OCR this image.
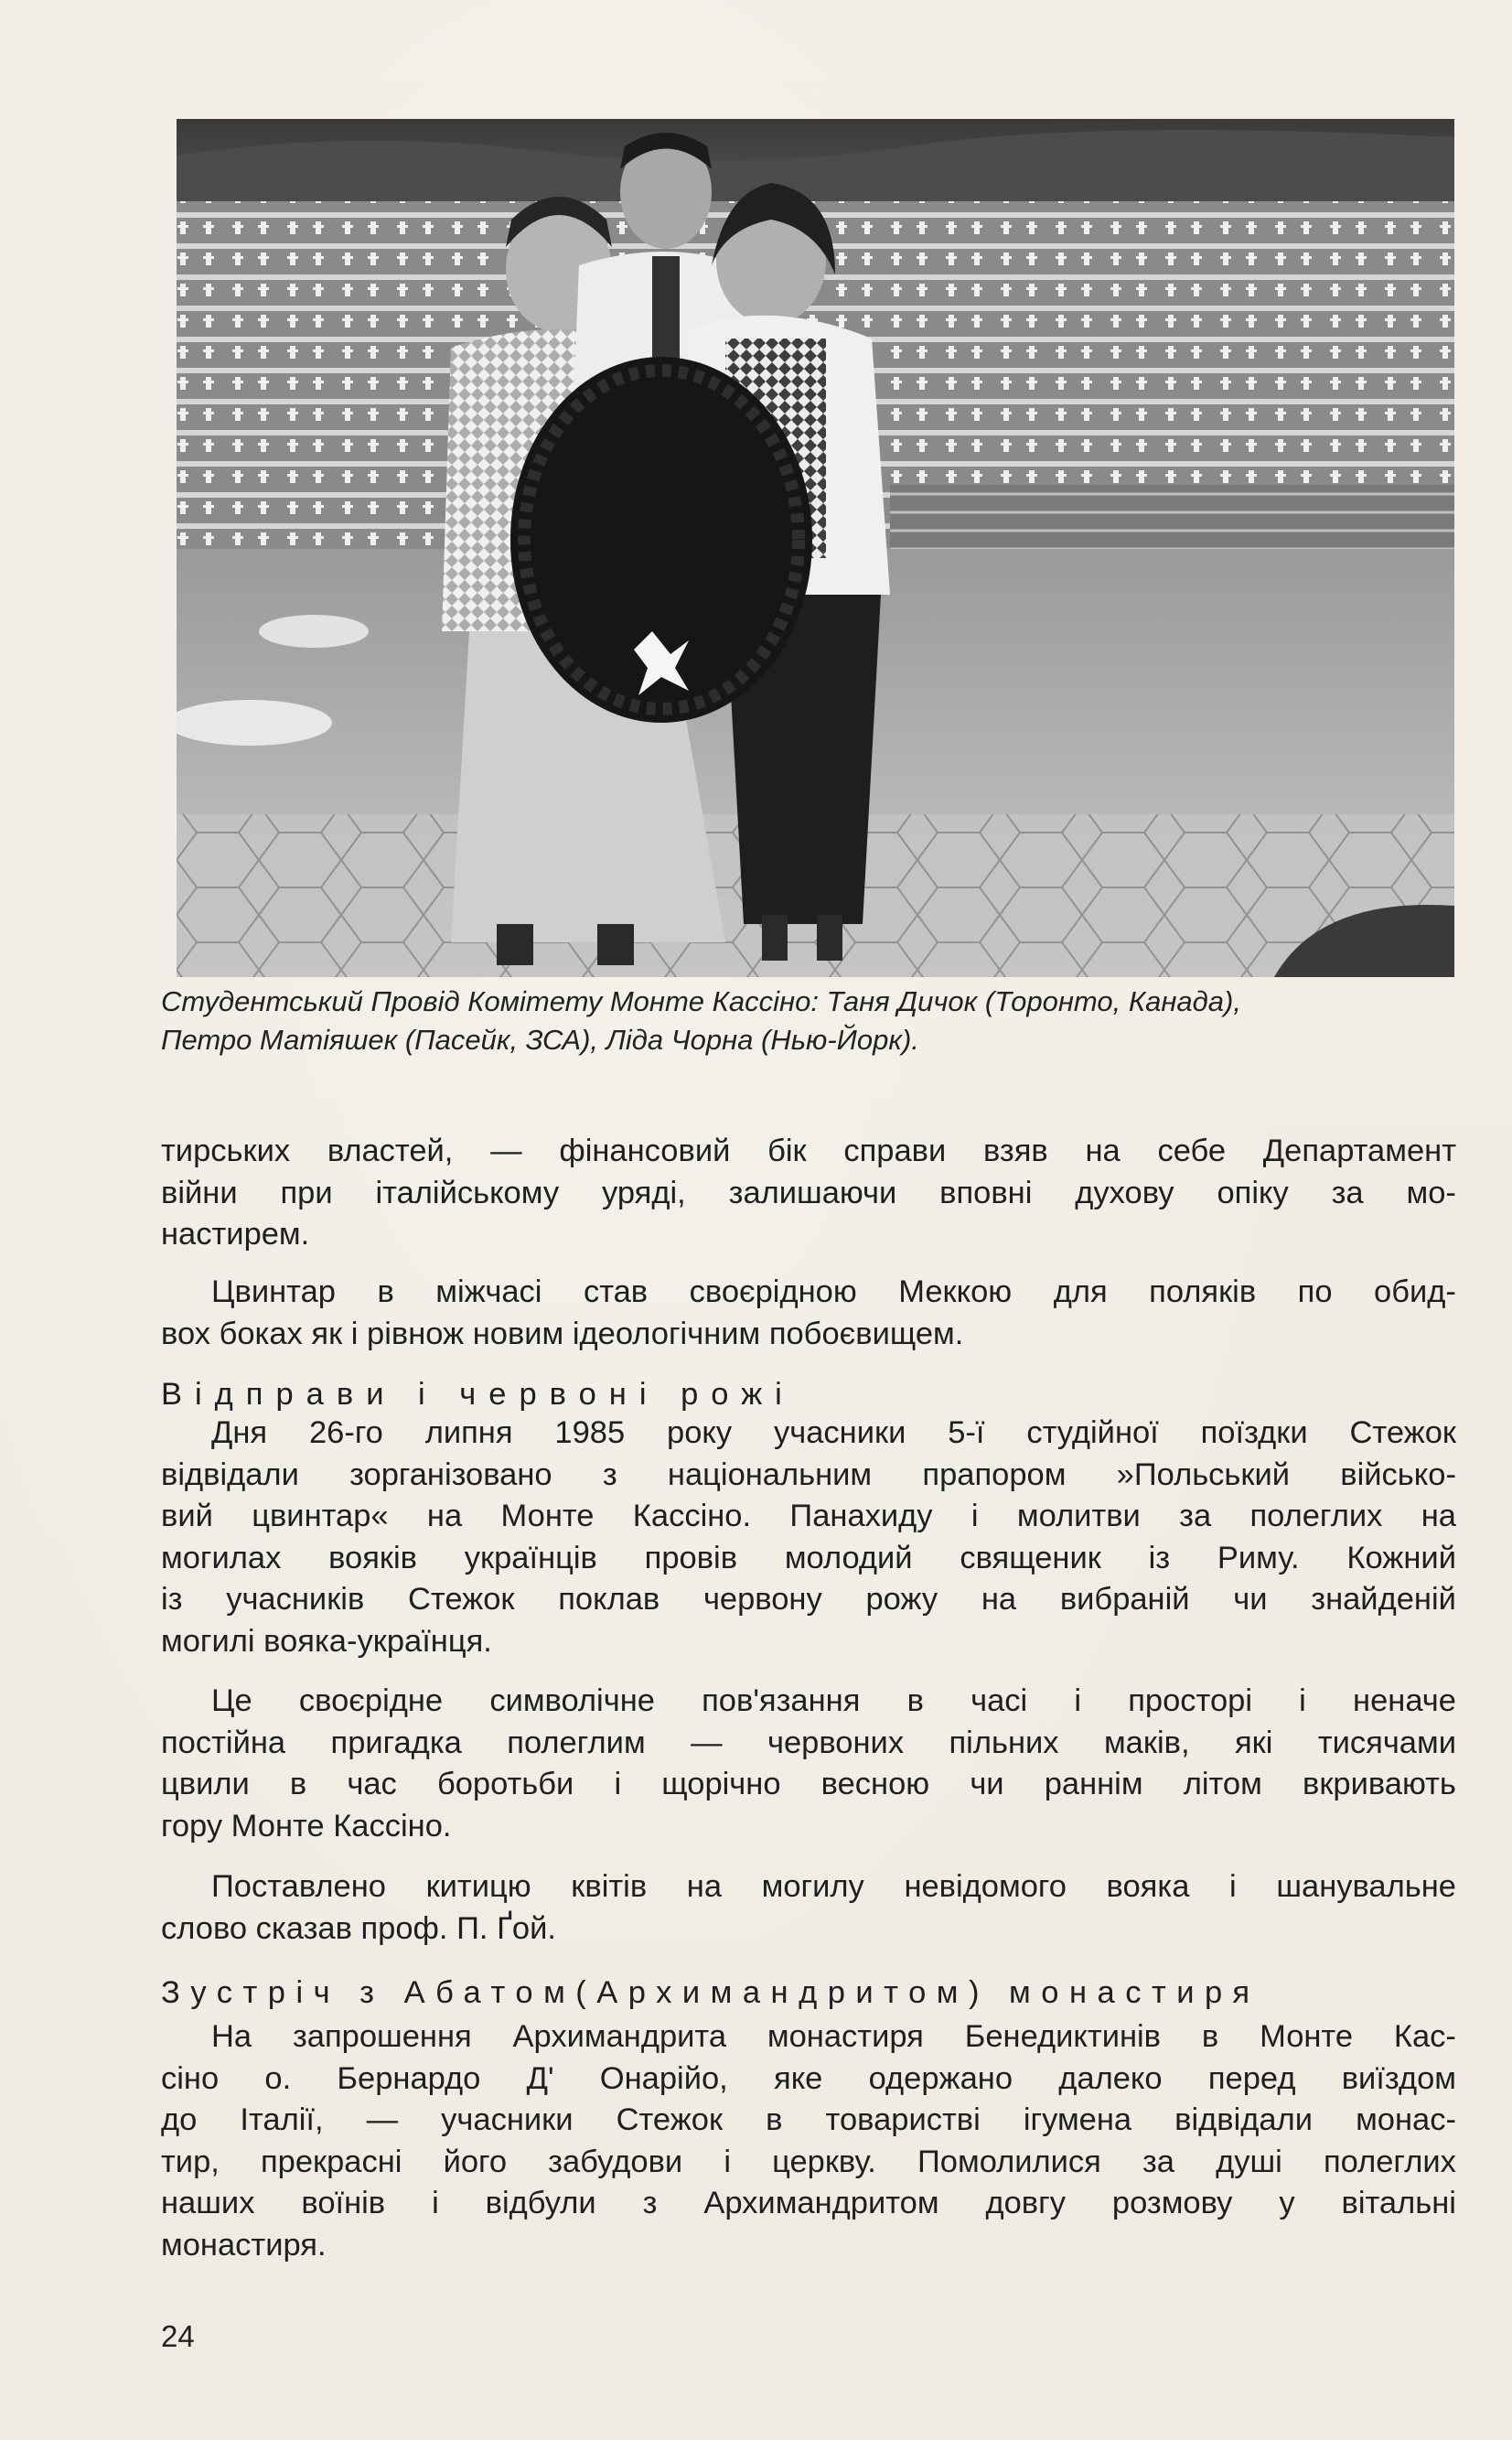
Студентський Провід Комітету Монте Кассіно: Таня Дичок (Торонто, Канада),
Петро Матіяшек (Пасейк, ЗСА), Ліда Чорна (Нью-Йорк).
тирських властей, — фінансовий бік справи взяв на себе Департамент
війни при італійському уряді, залишаючи вповні духову опіку за мо-
настирем.
Цвинтар в міжчасі став своєрідною Меккою для поляків по обид-
вох боках як і рівнож новим ідеологічним побоєвищем.
Відправи і червоні рожі
Дня 26-го липня 1985 року учасники 5-ї студійної поїздки Стежок
відвідали зорганізовано з національним прапором »Польський військо-
вий цвинтар« на Монте Кассіно. Панахиду і молитви за полеглих на
могилах вояків українців провів молодий священик із Риму. Кожний
із учасників Стежок поклав червону рожу на вибраній чи знайденій
могилі вояка-українця.
Це своєрідне символічне пов'язання в часі і просторі і неначе
постійна пригадка полеглим — червоних пільних маків, які тисячами
цвили в час боротьби і щорічно весною чи раннім літом вкривають
гору Монте Кассіно.
Поставлено китицю квітів на могилу невідомого вояка і шанувальне
слово сказав проф. П. Ґой.
Зустріч з Абатом(Архимандритом) монастиря
На запрошення Архимандрита монастиря Бенедиктинів в Монте Кас-
сіно о. Бернардо Д' Онарійо, яке одержано далеко перед виїздом
до Італії, — учасники Стежок в товаристві ігумена відвідали монас-
тир, прекрасні його забудови і церкву. Помолилися за душі полеглих
наших воїнів і відбули з Архимандритом довгу розмову у вітальні
монастиря.
24
